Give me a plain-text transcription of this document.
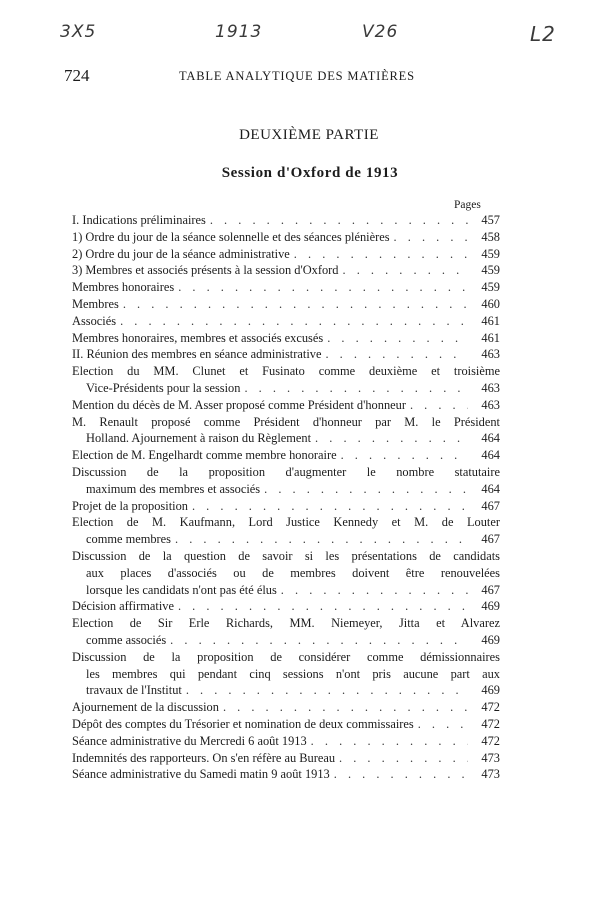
3X5	1913	V26	L2
724	TABLE ANALYTIQUE DES MATIÈRES
DEUXIÈME PARTIE
Session d'Oxford de 1913
Pages
I. Indications préliminaires . . .	457
1) Ordre du jour de la séance solennelle et des séances plénières . . .	458
2) Ordre du jour de la séance administrative . . .	459
3) Membres et associés présents à la session d'Oxford . . .	459
Membres honoraires . . .	459
Membres . . .	460
Associés . . .	461
Membres honoraires, membres et associés excusés . . .	461
II. Réunion des membres en séance administrative . . .	463
Election du MM. Clunet et Fusinato comme deuxième et troisième
Vice-Présidents pour la session . . .	463
Mention du décès de M. Asser proposé comme Président d'honneur . . .	463
M. Renault proposé comme Président d'honneur par M. le Président
Holland. Ajournement à raison du Règlement . . .	464
Election de M. Engelhardt comme membre honoraire . . .	464
Discussion de la proposition d'augmenter le nombre statutaire
maximum des membres et associés . . .	464
Projet de la proposition . . .	467
Election de M. Kaufmann, Lord Justice Kennedy et M. de Louter
comme membres . . .	467
Discussion de la question de savoir si les présentations de candidats
aux places d'associés ou de membres doivent être renouvelées
lorsque les candidats n'ont pas été élus . . .	467
Décision affirmative . . .	469
Election de Sir Erle Richards, MM. Niemeyer, Jitta et Alvarez
comme associés . . .	469
Discussion de la proposition de considérer comme démissionnaires
les membres qui pendant cinq sessions n'ont pris aucune part aux
travaux de l'Institut . . .	469
Ajournement de la discussion . . .	472
Dépôt des comptes du Trésorier et nomination de deux commissaires . . .	472
Séance administrative du Mercredi 6 août 1913 . . .	472
Indemnités des rapporteurs. On s'en réfère au Bureau . . .	473
Séance administrative du Samedi matin 9 août 1913 . . .	473
